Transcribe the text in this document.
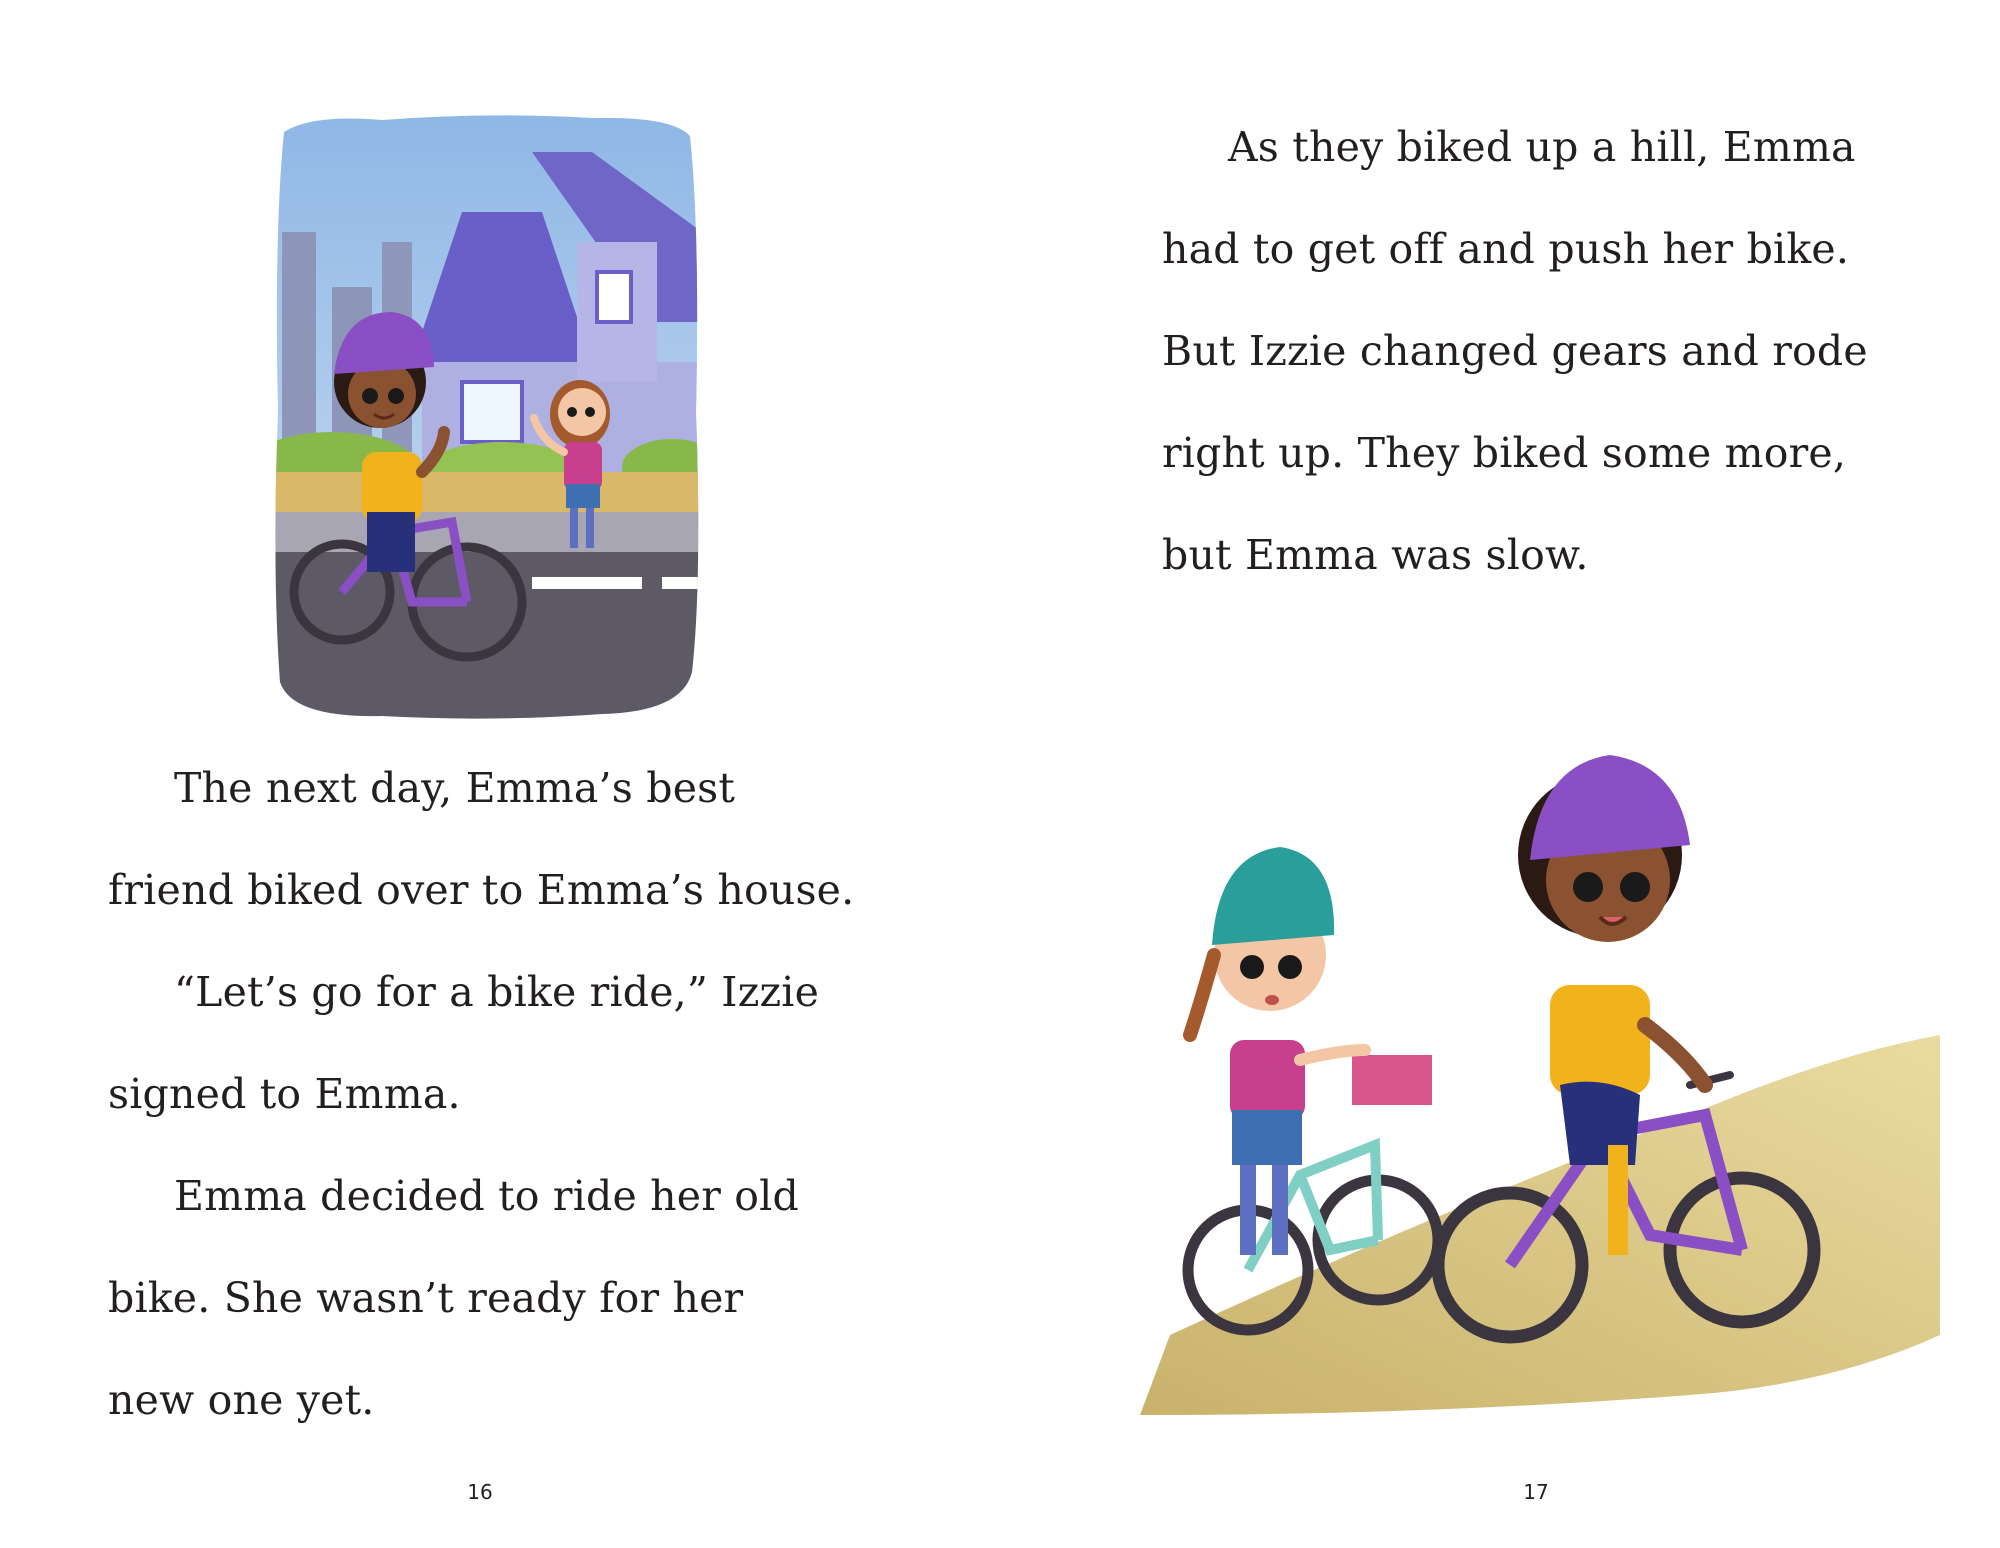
The next day, Emma’s best

friend biked over to Emma’s house.

“Let’s go for a bike ride,” Izzie

signed to Emma.

Emma decided to ride her old

bike. She wasn’t ready for her

new one yet.

16

As they biked up a hill, Emma

had to get off and push her bike.

But Izzie changed gears and rode

right up. They biked some more,

but Emma was slow.

17
